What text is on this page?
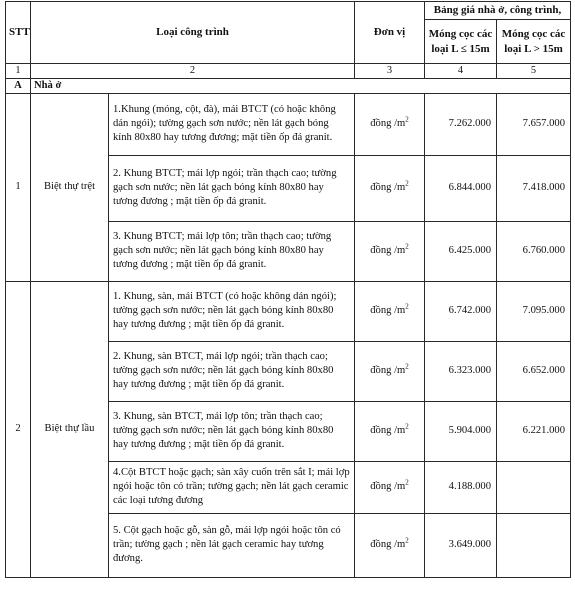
STT	Loại công trình		Đơn vị	Bảng giá nhà ở, công trình,	
				Móng cọc các loại L ≤ 15m	Móng cọc các loại L > 15m
1	2		3	4	5
A	Nhà ở				
1	Biệt thự trệt	1.Khung (móng, cột, đà), mái BTCT (có hoặc không dán ngói); tường gạch sơn nước; nền lát gạch bóng kính 80x80 hay tương đương; mặt tiền ốp đá granit.	đồng $/m^2$	7.262.000	7.657.000
		2. Khung BTCT; mái lợp ngói; trần thạch cao; tường gạch sơn nước; nền lát gạch bóng kính 80x80 hay tương đương ; mặt tiền ốp đá granit.	đồng $/m^2$	6.844.000	7.418.000
		3. Khung BTCT; mái lợp tôn; trần thạch cao; tường gạch sơn nước; nền lát gạch bóng kính 80x80 hay tương đương ; mặt tiền ốp đá granit.	đồng $/m^2$	6.425.000	6.760.000
2	Biệt thự lầu	1. Khung, sàn, mái BTCT (có hoặc không dán ngói); tường gạch sơn nước; nền lát gạch bóng kính 80x80 hay tương đương ; mặt tiền ốp đá granit.	đồng $/m^2$	6.742.000	7.095.000
		2. Khung, sàn BTCT, mái lợp ngói; trần thạch cao; tường gạch sơn nước; nền lát gạch bóng kính 80x80 hay tương đương ; mặt tiền ốp đá granit.	đồng $/m^2$	6.323.000	6.652.000
		3. Khung, sàn BTCT, mái lợp tôn; trần thạch cao; tường gạch sơn nước; nền lát gạch bóng kính 80x80 hay tương đương ; mặt tiền ốp đá granit.	đồng $/m^2$	5.904.000	6.221.000
		4.Cột BTCT hoặc gạch; sàn xây cuốn trên sắt I; mái lợp ngói hoặc tôn có trần; tường gạch; nền lát gạch ceramic các loại tương đương	đồng $/m^2$	4.188.000	
		5. Cột gạch hoặc gỗ, sàn gỗ, mái lợp ngói hoặc tôn có trần; tường gạch ; nền lát gạch ceramic hay tương đương.	đồng $/m^2$	3.649.000	
